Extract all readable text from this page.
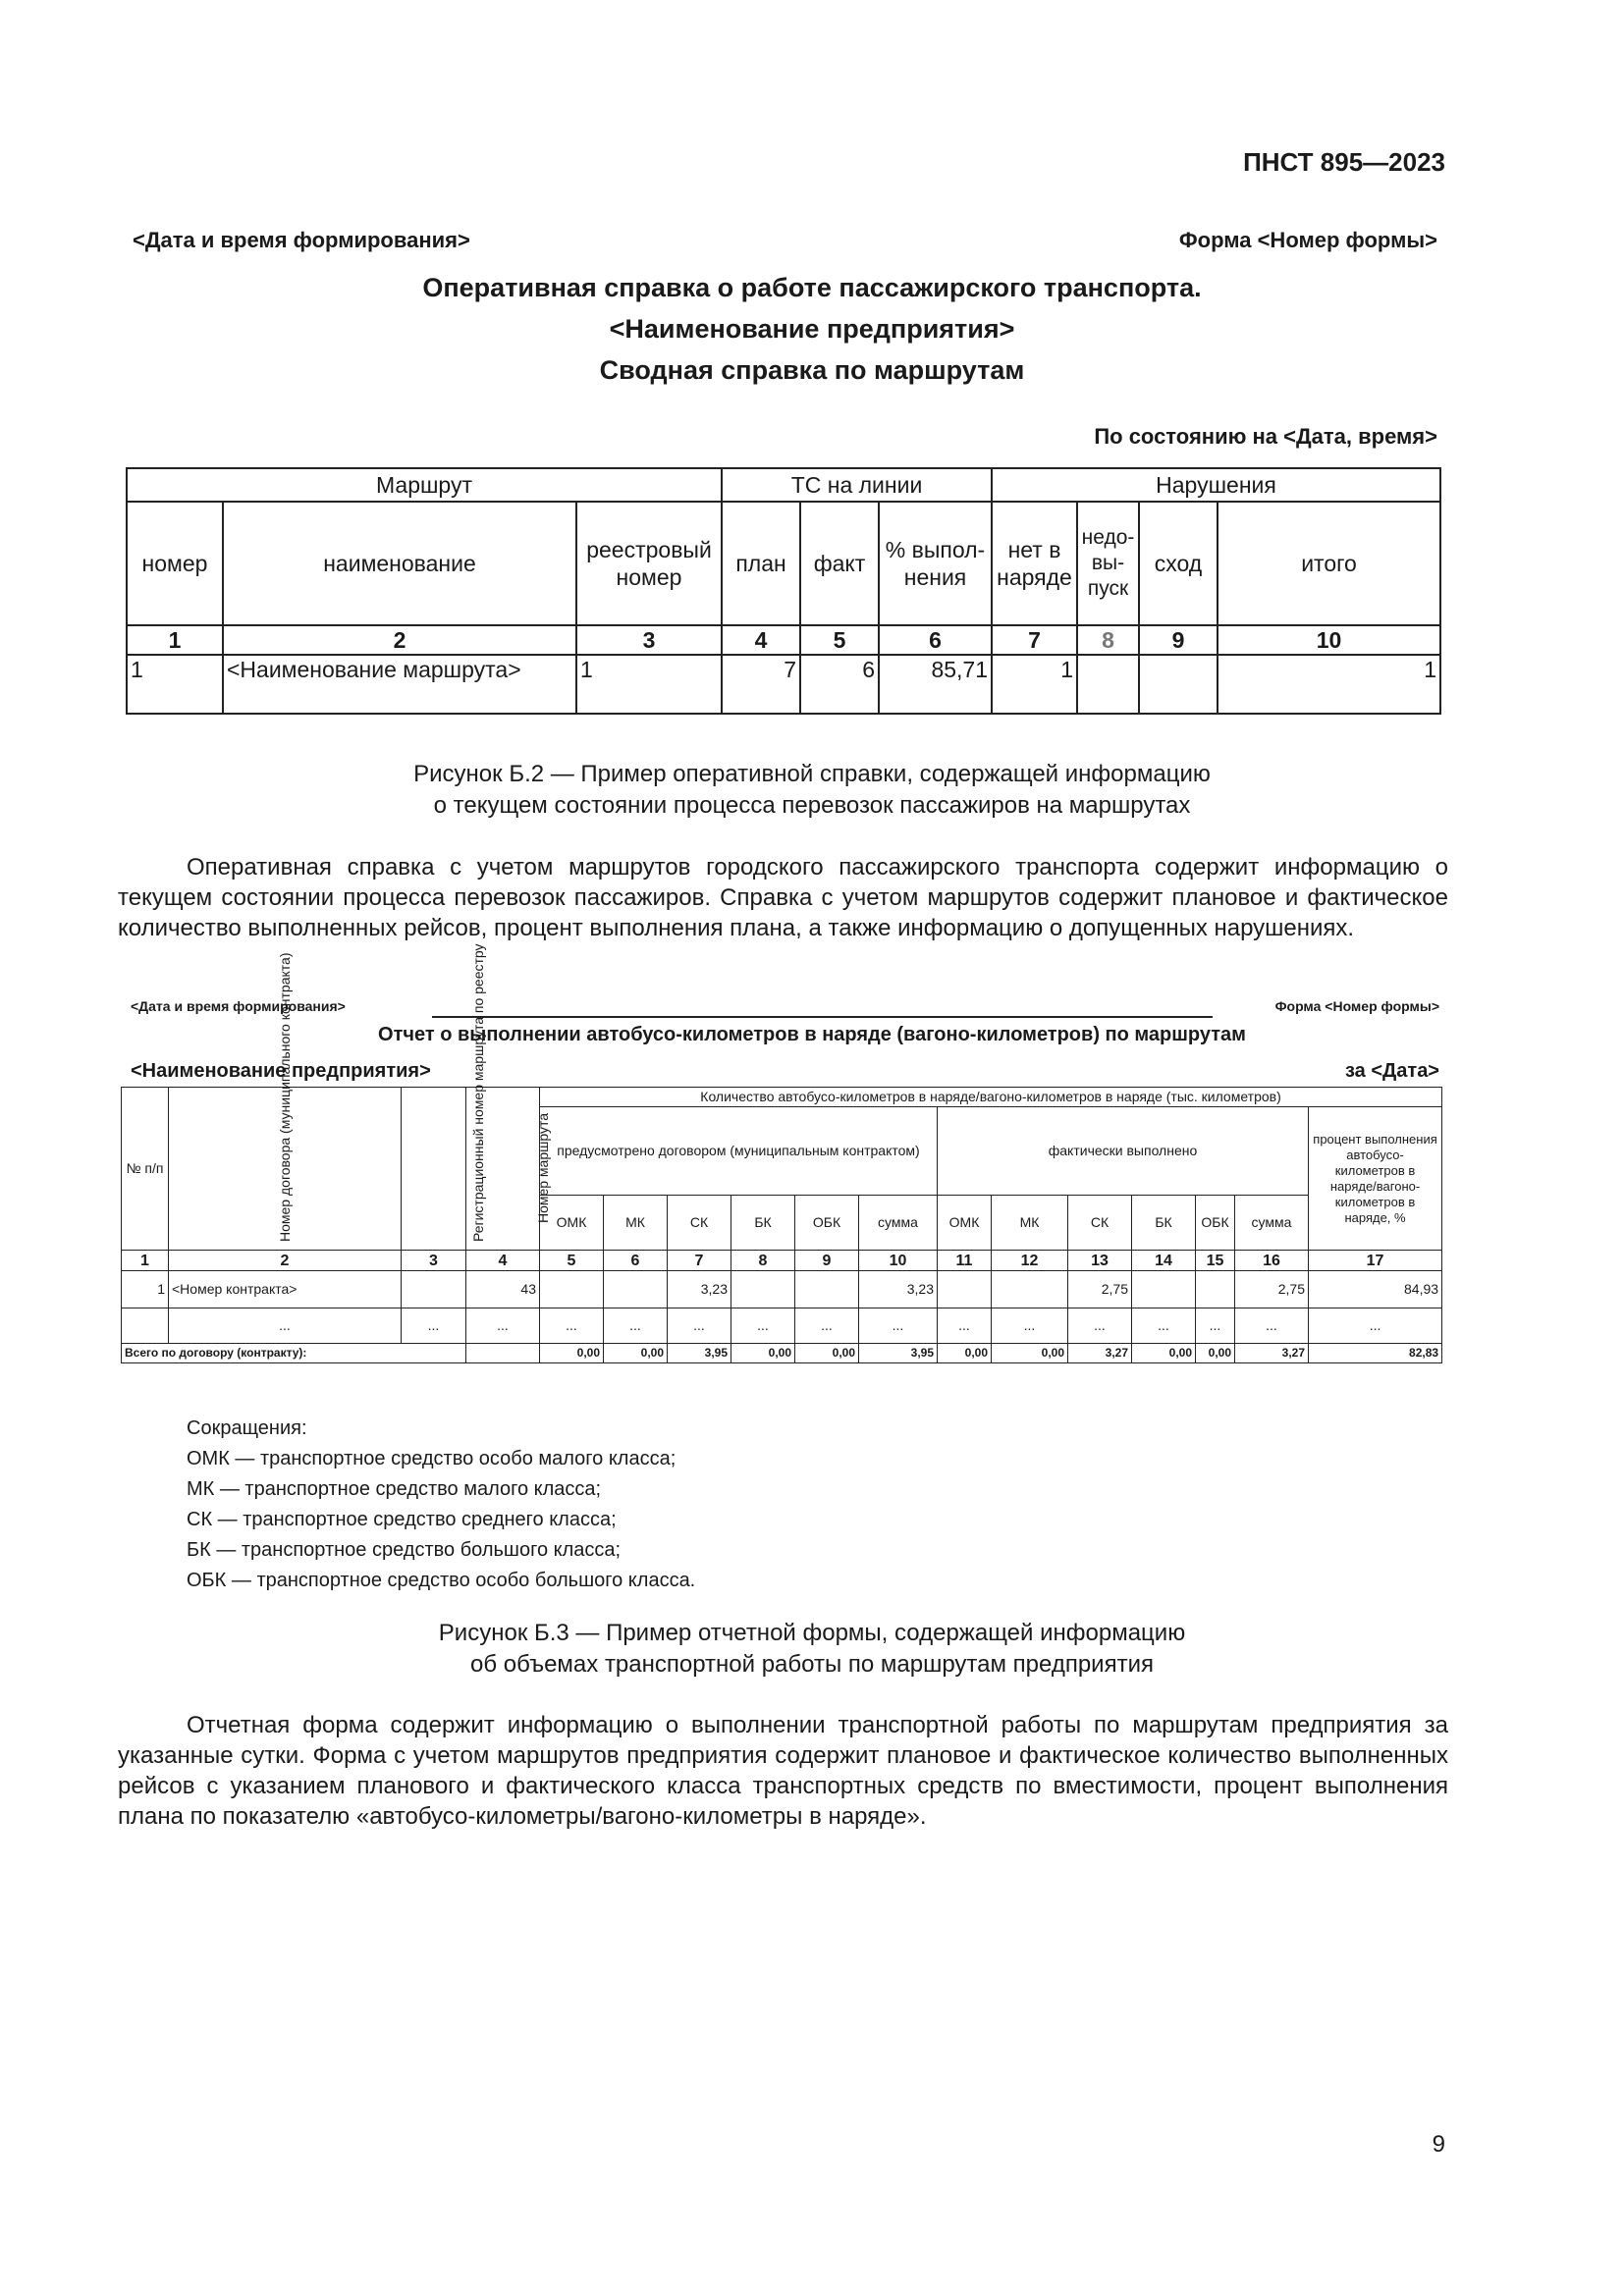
ПНСТ 895—2023
<Дата и время формирования>	Форма <Номер формы>
Оперативная справка о работе пассажирского транспорта.
<Наименование предприятия>
Сводная справка по маршрутам
По состоянию на <Дата, время>
Маршрут			ТС на линии			Нарушения			
номер	наименование	реестровый номер	план	факт	% выпол-нения	нет в наряде	недо-вы-пуск	сход	итого
1	2	3	4	5	6	7	8	9	10
1	<Наименование маршрута>	1	7	6	85,71	1			1
Рисунок Б.2 — Пример оперативной справки, содержащей информацию
о текущем состоянии процесса перевозок пассажиров на маршрутах

Оперативная справка с учетом маршрутов городского пассажирского транспорта содержит информацию о текущем состоянии процесса перевозок пассажиров. Справка с учетом маршрутов содержит плановое и фактическое количество выполненных рейсов, процент выполнения плана, а также информацию о допущенных нарушениях.

<Дата и время формирования>	Форма <Номер формы>
Отчет о выполнении автобусо-километров в наряде (вагоно-километров) по маршрутам
<Наименование предприятия>	за <Дата>
№ п/п	Номер договора (муниципального контракта)	Регистрационный номер маршрута по реестру	Номер маршрута	Количество автобусо-километров в наряде/вагоно-километров в наряде (тыс. километров)												
				предусмотрено договором (муниципальным контрактом)						фактически выполнено						процент выполнения автобусо-километров в наряде/вагоно-километров в наряде, %
				ОМК	МК	СК	БК	ОБК	сумма	ОМК	МК	СК	БК	ОБК	сумма	
1	2	3	4	5	6	7	8	9	10	11	12	13	14	15	16	17
1	<Номер контракта>		43			3,23			3,23			2,75			2,75	84,93
	...	...	...	...	...	...	...	...	...	...	...	...	...	...	...	...
Всего по договору (контракту):				0,00	0,00	3,95	0,00	0,00	3,95	0,00	0,00	3,27	0,00	0,00	3,27	82,83
Сокращения:
ОМК — транспортное средство особо малого класса;
МК — транспортное средство малого класса;
СК — транспортное средство среднего класса;
БК — транспортное средство большого класса;
ОБК — транспортное средство особо большого класса.
Рисунок Б.3 — Пример отчетной формы, содержащей информацию
об объемах транспортной работы по маршрутам предприятия

Отчетная форма содержит информацию о выполнении транспортной работы по маршрутам предприятия за указанные сутки. Форма с учетом маршрутов предприятия содержит плановое и фактическое количество выполненных рейсов с указанием планового и фактического класса транспортных средств по вместимости, процент выполнения плана по показателю «автобусо-километры/вагоно-километры в наряде».

9
